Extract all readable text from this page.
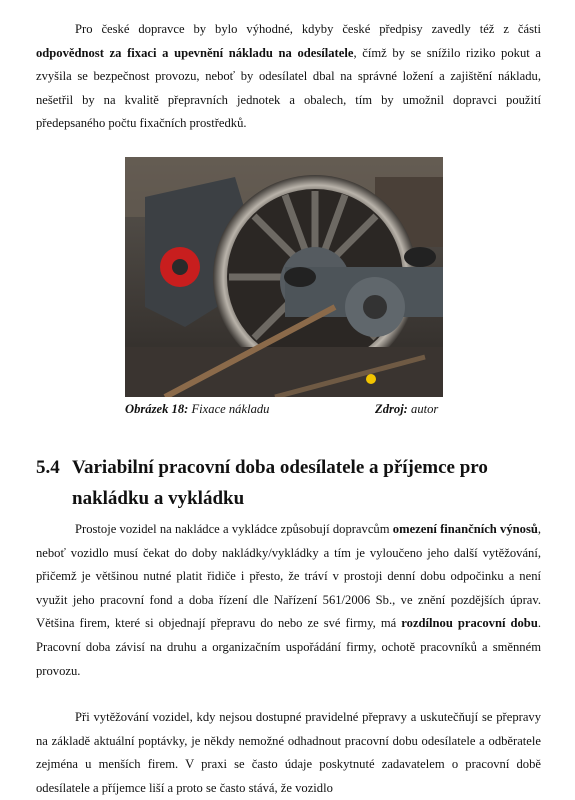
Pro české dopravce by bylo výhodné, kdyby české předpisy zavedly též z části odpovědnost za fixaci a upevnění nákladu na odesílatele, čímž by se snížilo riziko pokut a zvyšila se bezpečnost provozu, neboť by odesílatel dbal na správné ložení a zajištění nákladu, nešetřil by na kvalitě přepravních jednotek a obalech, tím by umožnil dopravci použití předepsaného počtu fixačních prostředků.

Obrázek 18: Fixace nákladu	Zdroj: autor
5.4 Variabilní pracovní doba odesílatele a příjemce pro nakládku a vykládku

Prostoje vozidel na nakládce a vykládce způsobují dopravcům omezení finančních výnosů, neboť vozidlo musí čekat do doby nakládky/vykládky a tím je vyloučeno jeho další vytěžování, přičemž je většinou nutné platit řidiče i přesto, že tráví v prostoji denní dobu odpočinku a není využit jeho pracovní fond a doba řízení dle Nařízení 561/2006 Sb., ve znění pozdějších úprav. Většina firem, které si objednají přepravu do nebo ze své firmy, má rozdílnou pracovní dobu. Pracovní doba závisí na druhu a organizačním uspořádání firmy, ochotě pracovníků a směnném provozu.

Při vytěžování vozidel, kdy nejsou dostupné pravidelné přepravy a uskutečňují se přepravy na základě aktuální poptávky, je někdy nemožné odhadnout pracovní dobu odesílatele a odběratele zejména u menších firem. V praxi se často údaje poskytnuté zadavatelem o pracovní době odesílatele a příjemce liší a proto se často stává, že vozidlo
